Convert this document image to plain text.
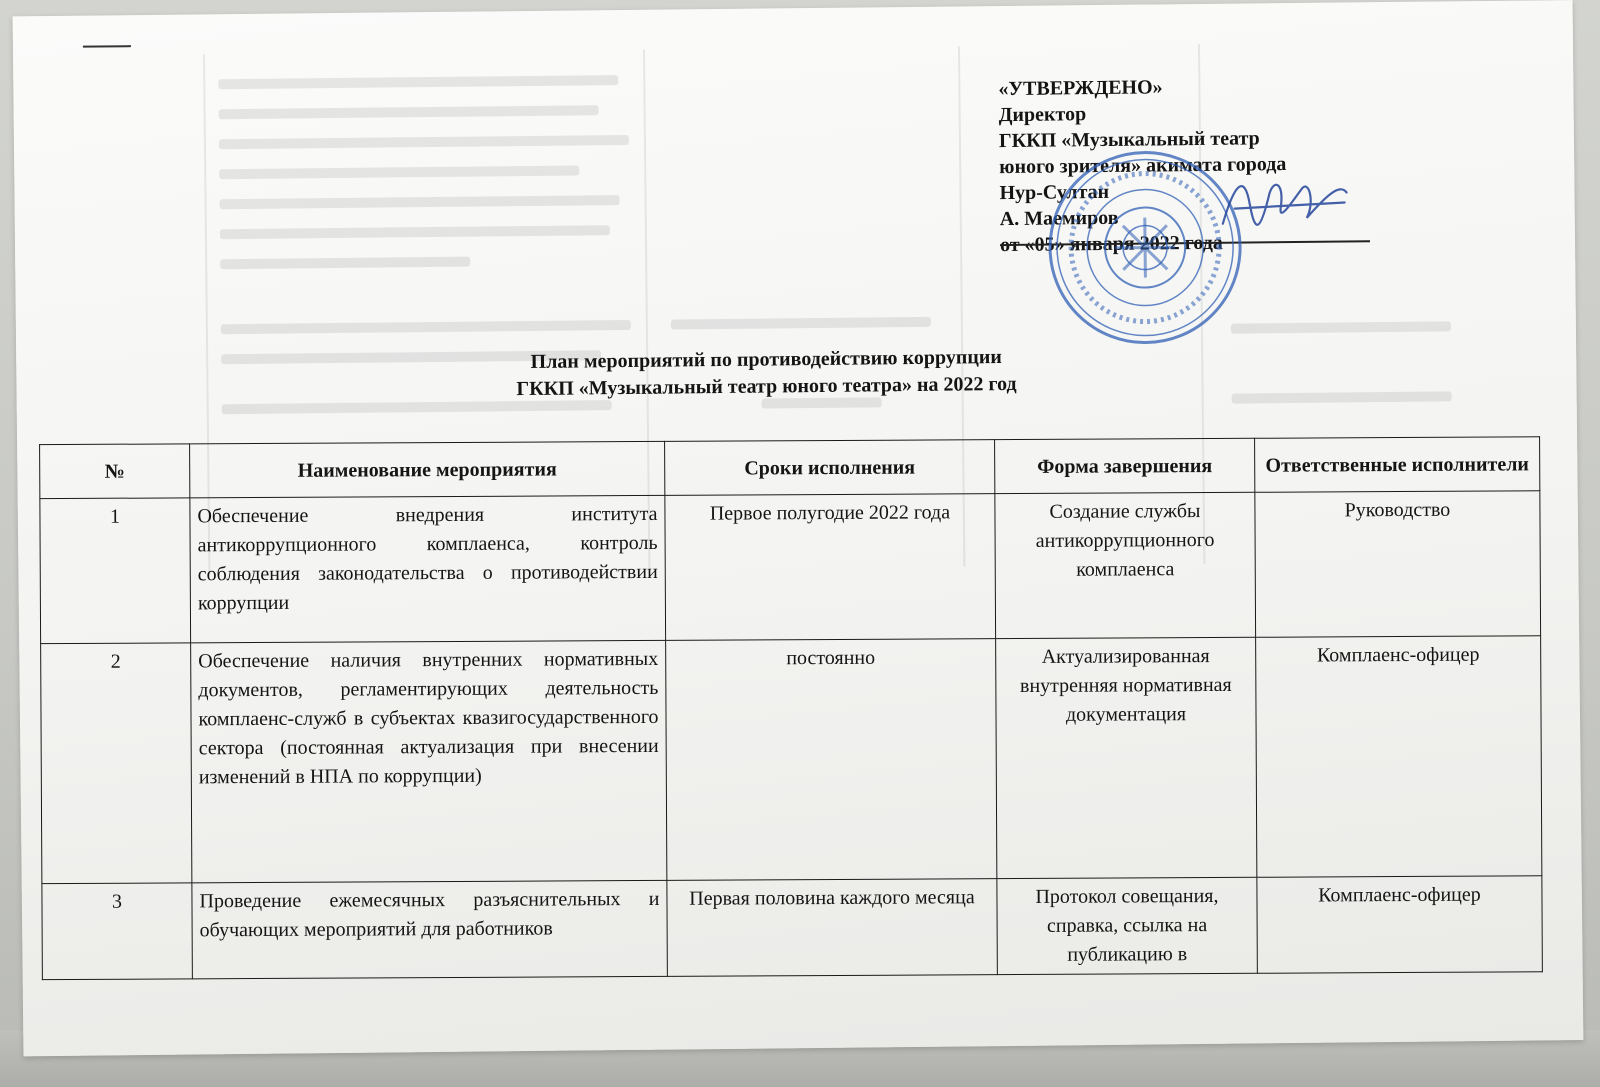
«УТВЕРЖДЕНО»
Директор
ГККП «Музыкальный театр
юного зрителя» акимата города
Нур-Султан
А. Маемиров
от «05» января 2022 года
План мероприятий по противодействию коррупции
ГККП «Музыкальный театр юного театра» на 2022 год
№	Наименование мероприятия	Сроки исполнения	Форма завершения	Ответственные исполнители
1	Обеспечение внедрения института антикоррупционного комплаенса, контроль соблюдения законодательства о противодействии коррупции	Первое полугодие 2022 года	Создание службы антикоррупционного комплаенса	Руководство
2	Обеспечение наличия внутренних нормативных документов, регламентирующих деятельность комплаенс-служб в субъектах квазигосударственного сектора (постоянная актуализация при внесении изменений в НПА по коррупции)	постоянно	Актуализированная внутренняя нормативная документация	Комплаенс-офицер
3	Проведение ежемесячных разъяснительных и обучающих мероприятий для работников	Первая половина каждого месяца	Протокол совещания, справка, ссылка на публикацию в	Комплаенс-офицер
